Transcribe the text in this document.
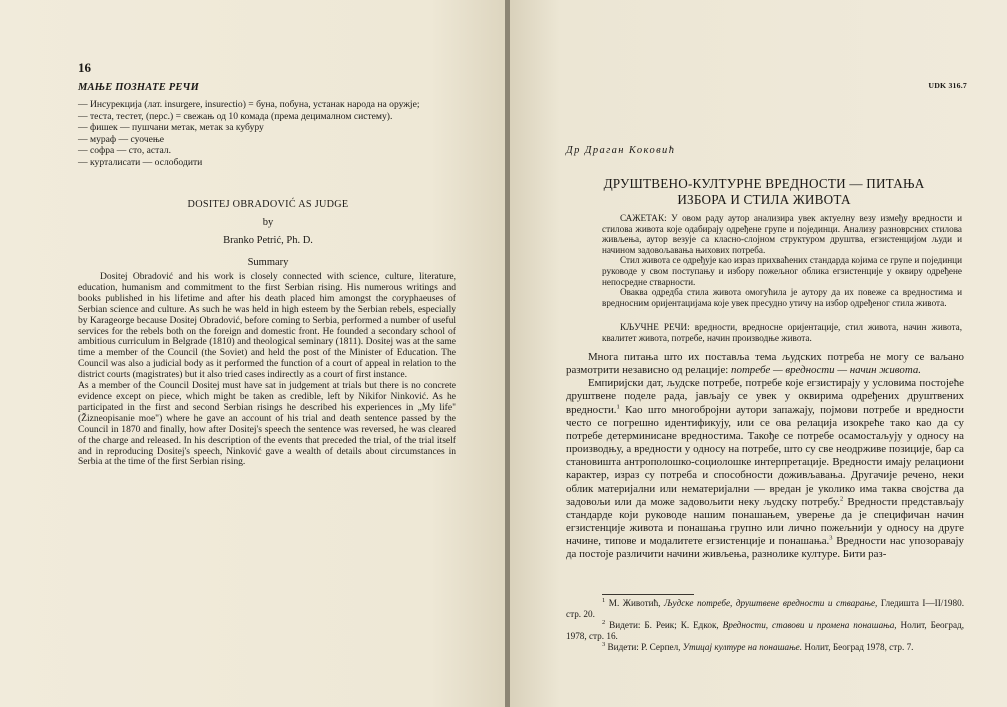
16
МАЊЕ ПОЗНАТЕ РЕЧИ
— Инсурекција (лат. insurgere, insurectio) = буна, побуна, устанак народа на оружје;
— теста, тестет, (перс.) = свежањ од 10 комада (према децималном систему).
— фишек — пушчани метак, метак за кубуру
— мураф — суочење
— софра — сто, астал.
— курталисати — ослободити
DOSITEJ OBRADOVIĆ AS JUDGE
by
Branko Petrić, Ph. D.
Summary

Dositej Obradović and his work is closely connected with science, culture, literature, education, humanism and commitment to the first Serbian rising. His numerous writings and books published in his lifetime and after his death placed him amongst the coryphaeuses of Serbian science and culture. As such he was held in high esteem by the Serbian rebels, especially by Karageorge because Dositej Obradović, before coming to Serbia, performed a number of useful services for the rebels both on the foreign and domestic front. He founded a secondary school of ambitious curriculum in Belgrade (1810) and theological seminary (1811). Dositej was at the same time a member of the Council (the Soviet) and held the post of the Minister of Education. The Council was also a judicial body as it performed the function of a court of appeal in relation to the district courts (magistrates) but it also tried cases indirectly as a court of first instance.

As a member of the Council Dositej must have sat in judgement at trials but there is no concrete evidence except on piece, which might be taken as credible, left by Nikifor Ninković. As he participated in the first and second Serbian risings he described his experiences in „My life" (Žizneopisanie moe") where he gave an account of his trial and death sentence passed by the Council in 1870 and finally, how after Dositej's speech the sentence was reversed, he was cleared of the charge and released. In his description of the events that preceded the trial, of the trial itself and in reproducing Dositej's speech, Ninković gave a wealth of details about circumstances in Serbia at the time of the first Serbian rising.

UDK 316.7
Др Драган Коковић
ДРУШТВЕНО-КУЛТУРНЕ ВРЕДНОСТИ — ПИТАЊА
ИЗБОРА И СТИЛА ЖИВОТА

САЖЕТАК: У овом раду аутор анализира увек актуелну везу између вредности и стилова живота које одабирају одређене групе и појединци. Анализу разноврсних стилова живљења, аутор везује са класно-слојном структуром друштва, егзистенцијом људи и начином задовољавања њихових потреба.

Стил живота се одређује као израз прихваћених стандарда којима се групе и појединци руководе у свом поступању и избору пожељног облика егзистенције у оквиру одређене непосредне стварности.

Оваква одредба стила живота омогућила је аутору да их повеже са вредностима и вредносним оријентацијама које увек пресудно утичу на избор одређеног стила живота.

КЉУЧНЕ РЕЧИ: вредности, вредносне оријентације, стил живота, начин живота, квалитет живота, потребе, начин производње живота.

Многа питања што их поставља тема људских потреба не могу се ваљано размотрити независно од релације: потребе — вредности — начин живота.

Емпиријски дат, људске потребе, потребе које егзистирају у условима постојеће друштвене поделе рада, јављају се увек у оквирима одређених друштвених вредности.$^1$ Као што многобројни аутори запажају, појмови потребе и вредности често се погрешно идентификују, или се ова релација изокреће тако као да су потребе детерминисане вредностима. Такође се потребе осамостаљују у односу на производњу, а вредности у односу на потребе, што су све неодрживе позиције, бар са становишта антрополошко-социолошке интерпретације. Вредности имају релациони карактер, израз су потреба и способности доживљавања. Другачије речено, неки облик материјални или нематеријални — вредан је уколико има таква својства да задовољи или да може задовољити неку људску потребу.$^2$ Вредности представљају стандарде који руководе нашим понашањем, уверење да је специфичан начин егзистенције живота и понашања групно или лично пожељнији у односу на друге начине, типове и модалитете егзистенције и понашања.$^3$ Вредности нас упозоравају да постоје различити начини живљења, разнолике културе. Бити раз-

$^1$ М. Животић, Људске потребе, друштвене вредности и стварање, Гледишта I—II/1980. стр. 20.

$^2$ Видети: Б. Реик; К. Едкок, Вредности, ставови и промена понашања, Нолит, Београд, 1978, стр. 16.

$^3$ Видети: Р. Серпел, Утицај културе на понашање. Нолит, Београд 1978, стр. 7.
